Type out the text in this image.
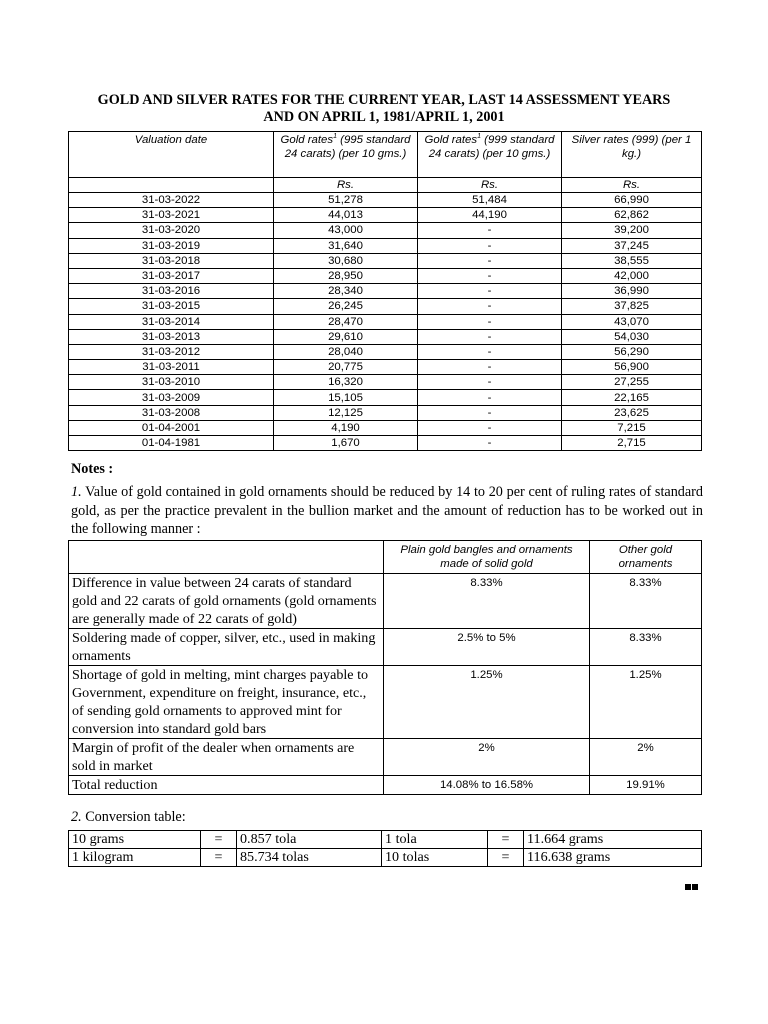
GOLD AND SILVER RATES FOR THE CURRENT YEAR, LAST 14 ASSESSMENT YEARS
AND ON APRIL 1, 1981/APRIL 1, 2001
Valuation date	Gold rates$^1$ (995 standard 24 carats) (per 10 gms.)	Gold rates$^1$ (999 standard 24 carats) (per 10 gms.)	Silver rates (999) (per 1 kg.)
	Rs.	Rs.	Rs.
31-03-2022	51,278	51,484	66,990
31-03-2021	44,013	44,190	62,862
31-03-2020	43,000	-	39,200
31-03-2019	31,640	-	37,245
31-03-2018	30,680	-	38,555
31-03-2017	28,950	-	42,000
31-03-2016	28,340	-	36,990
31-03-2015	26,245	-	37,825
31-03-2014	28,470	-	43,070
31-03-2013	29,610	-	54,030
31-03-2012	28,040	-	56,290
31-03-2011	20,775	-	56,900
31-03-2010	16,320	-	27,255
31-03-2009	15,105	-	22,165
31-03-2008	12,125	-	23,625
01-04-2001	4,190	-	7,215
01-04-1981	1,670	-	2,715
Notes :
1. Value of gold contained in gold ornaments should be reduced by 14 to 20 per cent of ruling rates of standard gold, as per the practice prevalent in the bullion market and the amount of reduction has to be worked out in the following manner :
	Plain gold bangles and ornaments made of solid gold	Other gold ornaments
Difference in value between 24 carats of standard gold and 22 carats of gold ornaments (gold ornaments are generally made of 22 carats of gold)	8.33%	8.33%
Soldering made of copper, silver, etc., used in making ornaments	2.5% to 5%	8.33%
Shortage of gold in melting, mint charges payable to Government, expenditure on freight, insurance, etc., of sending gold ornaments to approved mint for conversion into standard gold bars	1.25%	1.25%
Margin of profit of the dealer when ornaments are sold in market	2%	2%
Total reduction	14.08% to 16.58%	19.91%
2. Conversion table:
10 grams	=	0.857 tola	1 tola	=	11.664 grams
1 kilogram	=	85.734 tolas	10 tolas	=	116.638 grams
